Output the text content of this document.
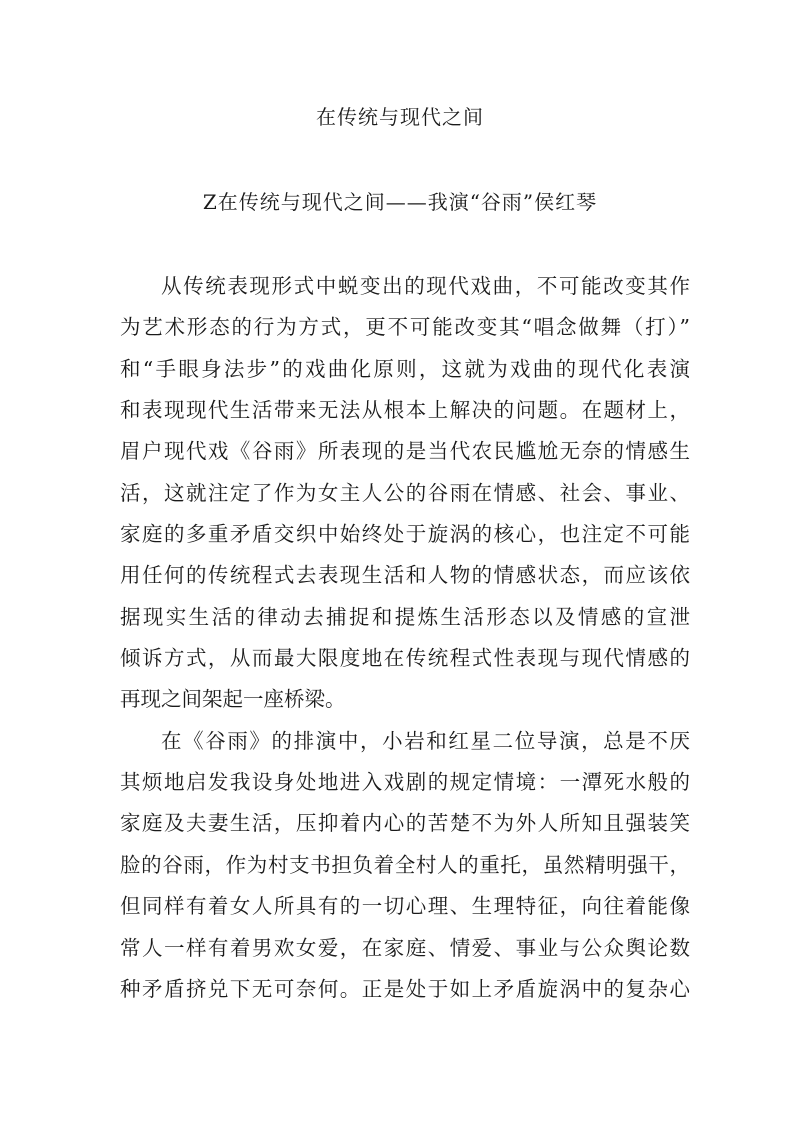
在传统与现代之间
Z在传统与现代之间——我演“谷雨”侯红琴
从传统表现形式中蜕变出的现代戏曲，不可能改变其作
为艺术形态的行为方式，更不可能改变其“唱念做舞（打）”
和“手眼身法步”的戏曲化原则，这就为戏曲的现代化表演
和表现现代生活带来无法从根本上解决的问题。在题材上，
眉户现代戏《谷雨》所表现的是当代农民尴尬无奈的情感生
活，这就注定了作为女主人公的谷雨在情感、社会、事业、
家庭的多重矛盾交织中始终处于旋涡的核心，也注定不可能
用任何的传统程式去表现生活和人物的情感状态，而应该依
据现实生活的律动去捕捉和提炼生活形态以及情感的宣泄
倾诉方式，从而最大限度地在传统程式性表现与现代情感的
再现之间架起一座桥梁。
在《谷雨》的排演中，小岩和红星二位导演，总是不厌
其烦地启发我设身处地进入戏剧的规定情境：一潭死水般的
家庭及夫妻生活，压抑着内心的苦楚不为外人所知且强装笑
脸的谷雨，作为村支书担负着全村人的重托，虽然精明强干，
但同样有着女人所具有的一切心理、生理特征，向往着能像
常人一样有着男欢女爱，在家庭、情爱、事业与公众舆论数
种矛盾挤兑下无可奈何。正是处于如上矛盾旋涡中的复杂心
